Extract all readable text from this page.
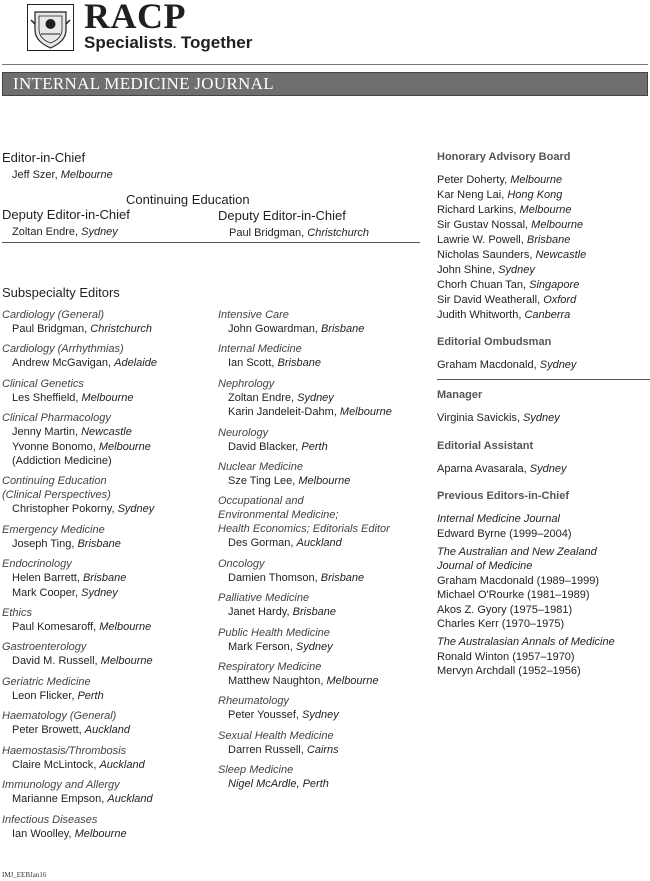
RACP
Specialists. Together
INTERNAL MEDICINE JOURNAL
Editor-in-Chief
Jeff Szer, Melbourne
Continuing Education
Deputy Editor-in-Chief
Zoltan Endre, Sydney
Deputy Editor-in-Chief
Paul Bridgman, Christchurch
Subspecialty Editors
Cardiology (General)
Paul Bridgman, Christchurch
Cardiology (Arrhythmias)
Andrew McGavigan, Adelaide
Clinical Genetics
Les Sheffield, Melbourne
Clinical Pharmacology
Jenny Martin, Newcastle
Yvonne Bonomo, Melbourne
(Addiction Medicine)
Continuing Education
(Clinical Perspectives)
Christopher Pokorny, Sydney
Emergency Medicine
Joseph Ting, Brisbane
Endocrinology
Helen Barrett, Brisbane
Mark Cooper, Sydney
Ethics
Paul Komesaroff, Melbourne
Gastroenterology
David M. Russell, Melbourne
Geriatric Medicine
Leon Flicker, Perth
Haematology (General)
Peter Browett, Auckland
Haemostasis/Thrombosis
Claire McLintock, Auckland
Immunology and Allergy
Marianne Empson, Auckland
Infectious Diseases
Ian Woolley, Melbourne
Intensive Care
John Gowardman, Brisbane
Internal Medicine
Ian Scott, Brisbane
Nephrology
Zoltan Endre, Sydney
Karin Jandeleit-Dahm, Melbourne
Neurology
David Blacker, Perth
Nuclear Medicine
Sze Ting Lee, Melbourne
Occupational and
Environmental Medicine;
Health Economics; Editorials Editor
Des Gorman, Auckland
Oncology
Damien Thomson, Brisbane
Palliative Medicine
Janet Hardy, Brisbane
Public Health Medicine
Mark Ferson, Sydney
Respiratory Medicine
Matthew Naughton, Melbourne
Rheumatology
Peter Youssef, Sydney
Sexual Health Medicine
Darren Russell, Cairns
Sleep Medicine
Nigel McArdle, Perth
Honorary Advisory Board
Peter Doherty, Melbourne
Kar Neng Lai, Hong Kong
Richard Larkins, Melbourne
Sir Gustav Nossal, Melbourne
Lawrie W. Powell, Brisbane
Nicholas Saunders, Newcastle
John Shine, Sydney
Chorh Chuan Tan, Singapore
Sir David Weatherall, Oxford
Judith Whitworth, Canberra
Editorial Ombudsman
Graham Macdonald, Sydney
Manager
Virginia Savickis, Sydney
Editorial Assistant
Aparna Avasarala, Sydney
Previous Editors-in-Chief
Internal Medicine Journal
Edward Byrne (1999–2004)
The Australian and New Zealand
Journal of Medicine
Graham Macdonald (1989–1999)
Michael O'Rourke (1981–1989)
Akos Z. Gyory (1975–1981)
Charles Kerr (1970–1975)
The Australasian Annals of Medicine
Ronald Winton (1957–1970)
Mervyn Archdall (1952–1956)
IMJ_EEBJan16
